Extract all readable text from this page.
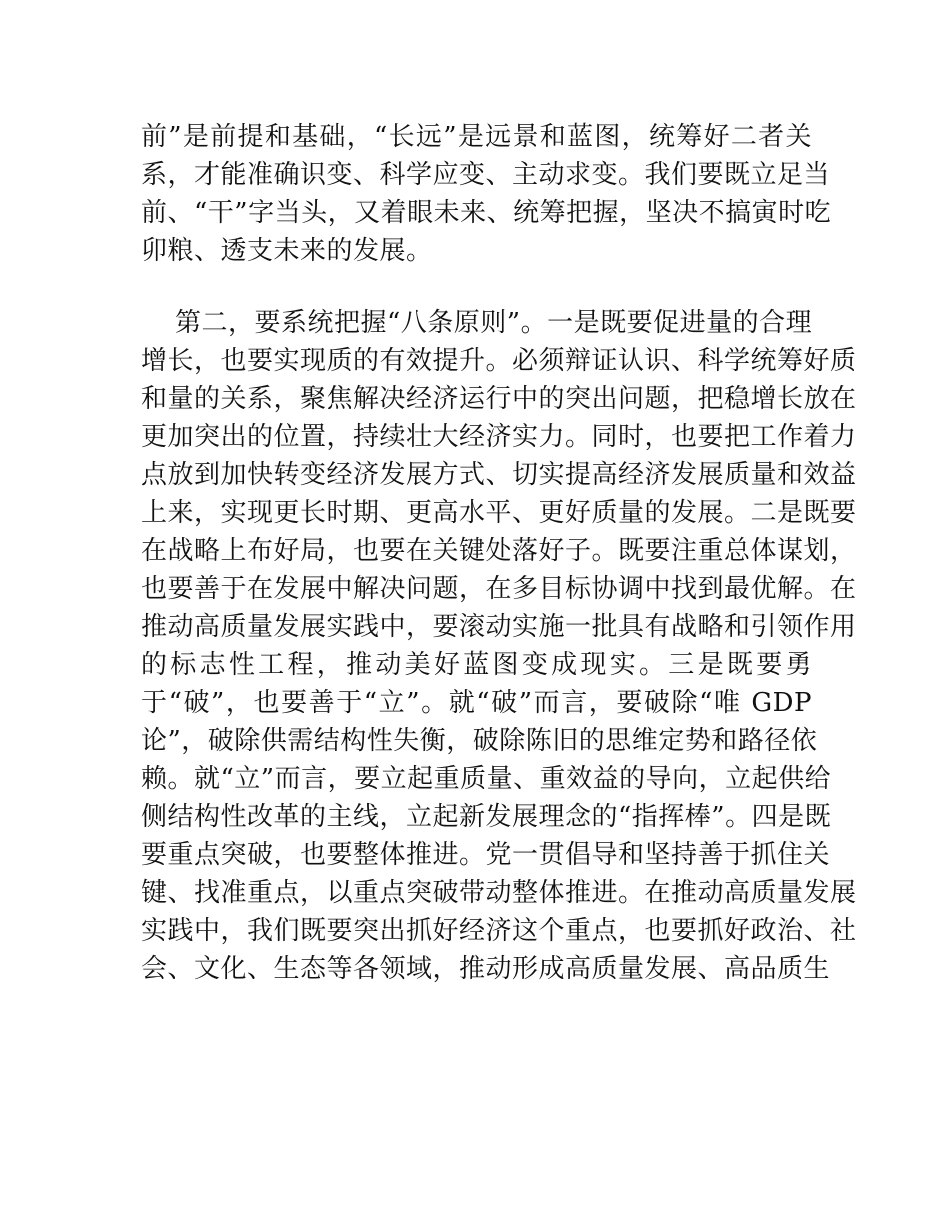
前”是前提和基础，“长远”是远景和蓝图，统筹好二者关
系，才能准确识变、科学应变、主动求变。我们要既立足当
前、“干”字当头，又着眼未来、统筹把握，坚决不搞寅时吃
卯粮、透支未来的发展。
第二，要系统把握“八条原则”。一是既要促进量的合理
增长，也要实现质的有效提升。必须辩证认识、科学统筹好质
和量的关系，聚焦解决经济运行中的突出问题，把稳增长放在
更加突出的位置，持续壮大经济实力。同时，也要把工作着力
点放到加快转变经济发展方式、切实提高经济发展质量和效益
上来，实现更长时期、更高水平、更好质量的发展。二是既要
在战略上布好局，也要在关键处落好子。既要注重总体谋划，
也要善于在发展中解决问题，在多目标协调中找到最优解。在
推动高质量发展实践中，要滚动实施一批具有战略和引领作用
的标志性工程，推动美好蓝图变成现实。三是既要勇
于“破”，也要善于“立”。就“破”而言，要破除“唯 GDP
论”，破除供需结构性失衡，破除陈旧的思维定势和路径依
赖。就“立”而言，要立起重质量、重效益的导向，立起供给
侧结构性改革的主线，立起新发展理念的“指挥棒”。四是既
要重点突破，也要整体推进。党一贯倡导和坚持善于抓住关
键、找准重点，以重点突破带动整体推进。在推动高质量发展
实践中，我们既要突出抓好经济这个重点，也要抓好政治、社
会、文化、生态等各领域，推动形成高质量发展、高品质生
